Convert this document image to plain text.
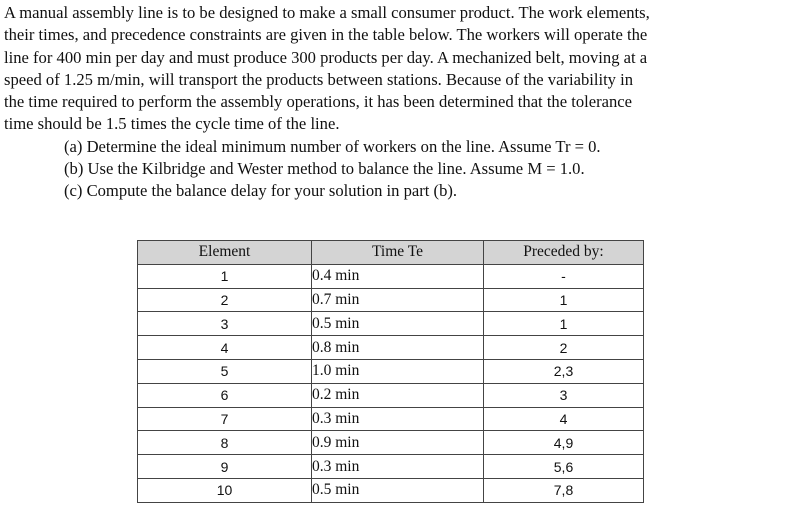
A manual assembly line is to be designed to make a small consumer product. The work elements,

their times, and precedence constraints are given in the table below. The workers will operate the

line for 400 min per day and must produce 300 products per day. A mechanized belt, moving at a

speed of 1.25 m/min, will transport the products between stations. Because of the variability in

the time required to perform the assembly operations, it has been determined that the tolerance

time should be 1.5 times the cycle time of the line.

(a) Determine the ideal minimum number of workers on the line. Assume Tr = 0.
(b) Use the Kilbridge and Wester method to balance the line. Assume M = 1.0.
(c) Compute the balance delay for your solution in part (b).
Element	Time Te	Preceded by:
1	0.4 min	-
2	0.7 min	1
3	0.5 min	1
4	0.8 min	2
5	1.0 min	2,3
6	0.2 min	3
7	0.3 min	4
8	0.9 min	4,9
9	0.3 min	5,6
10	0.5 min	7,8
